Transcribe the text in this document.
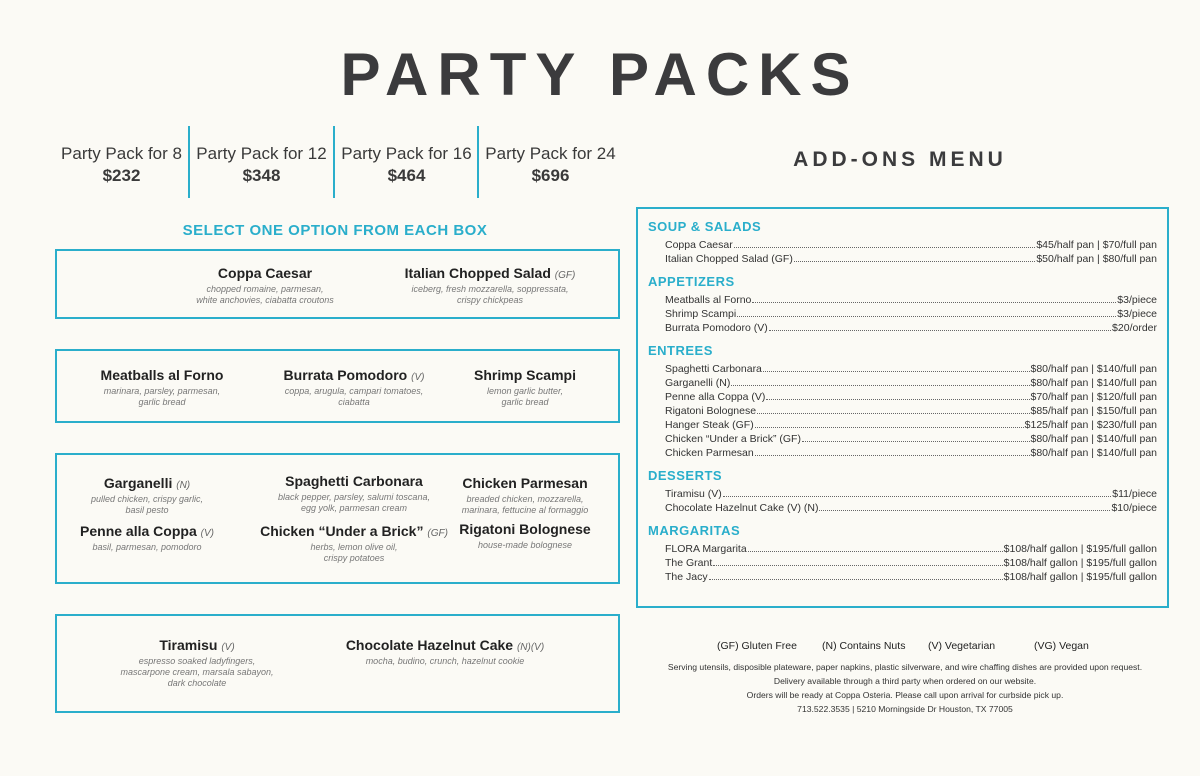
PARTY PACKS
Party Pack for 8
$232
Party Pack for 12
$348
Party Pack for 16
$464
Party Pack for 24
$696
SELECT ONE OPTION FROM EACH BOX
Coppa Caesar
chopped romaine, parmesan,
white anchovies, ciabatta croutons
Italian Chopped Salad (GF)
iceberg, fresh mozzarella, soppressata,
crispy chickpeas
Meatballs al Forno
marinara, parsley, parmesan,
garlic bread
Burrata Pomodoro (V)
coppa, arugula, campari tomatoes,
ciabatta
Shrimp Scampi
lemon garlic butter,
garlic bread
Garganelli (N)
pulled chicken, crispy garlic,
basil pesto
Spaghetti Carbonara
black pepper, parsley, salumi toscana,
egg yolk, parmesan cream
Chicken Parmesan
breaded chicken, mozzarella,
marinara, fettucine al formaggio
Penne alla Coppa (V)
basil, parmesan, pomodoro
Chicken “Under a Brick” (GF)
herbs, lemon olive oil,
crispy potatoes
Rigatoni Bolognese
house-made bolognese
Tiramisu (V)
espresso soaked ladyfingers,
mascarpone cream, marsala sabayon,
dark chocolate
Chocolate Hazelnut Cake (N)(V)
mocha, budino, crunch, hazelnut cookie
ADD-ONS MENU
SOUP & SALADS
Coppa Caesar	$45/half pan | $70/full pan
Italian Chopped Salad (GF)	$50/half pan | $80/full pan
APPETIZERS
Meatballs al Forno	$3/piece
Shrimp Scampi	$3/piece
Burrata Pomodoro (V)	$20/order
ENTREES
Spaghetti Carbonara	$80/half pan | $140/full pan
Garganelli (N)	$80/half pan | $140/full pan
Penne alla Coppa (V)	$70/half pan | $120/full pan
Rigatoni Bolognese	$85/half pan | $150/full pan
Hanger Steak (GF)	$125/half pan | $230/full pan
Chicken “Under a Brick” (GF)	$80/half pan | $140/full pan
Chicken Parmesan	$80/half pan | $140/full pan
DESSERTS
Tiramisu (V)	$11/piece
Chocolate Hazelnut Cake (V) (N)	$10/piece
MARGARITAS
FLORA Margarita	$108/half gallon | $195/full gallon
The Grant	$108/half gallon | $195/full gallon
The Jacy	$108/half gallon | $195/full gallon
(GF) Gluten Free (N) Contains Nuts (V) Vegetarian	(VG) Vegan
Serving utensils, disposible plateware, paper napkins, plastic silverware, and wire chaffing dishes are provided upon request.
Delivery available through a third party when ordered on our website.
Orders will be ready at Coppa Osteria. Please call upon arrival for curbside pick up.
713.522.3535 | 5210 Morningside Dr Houston, TX 77005
